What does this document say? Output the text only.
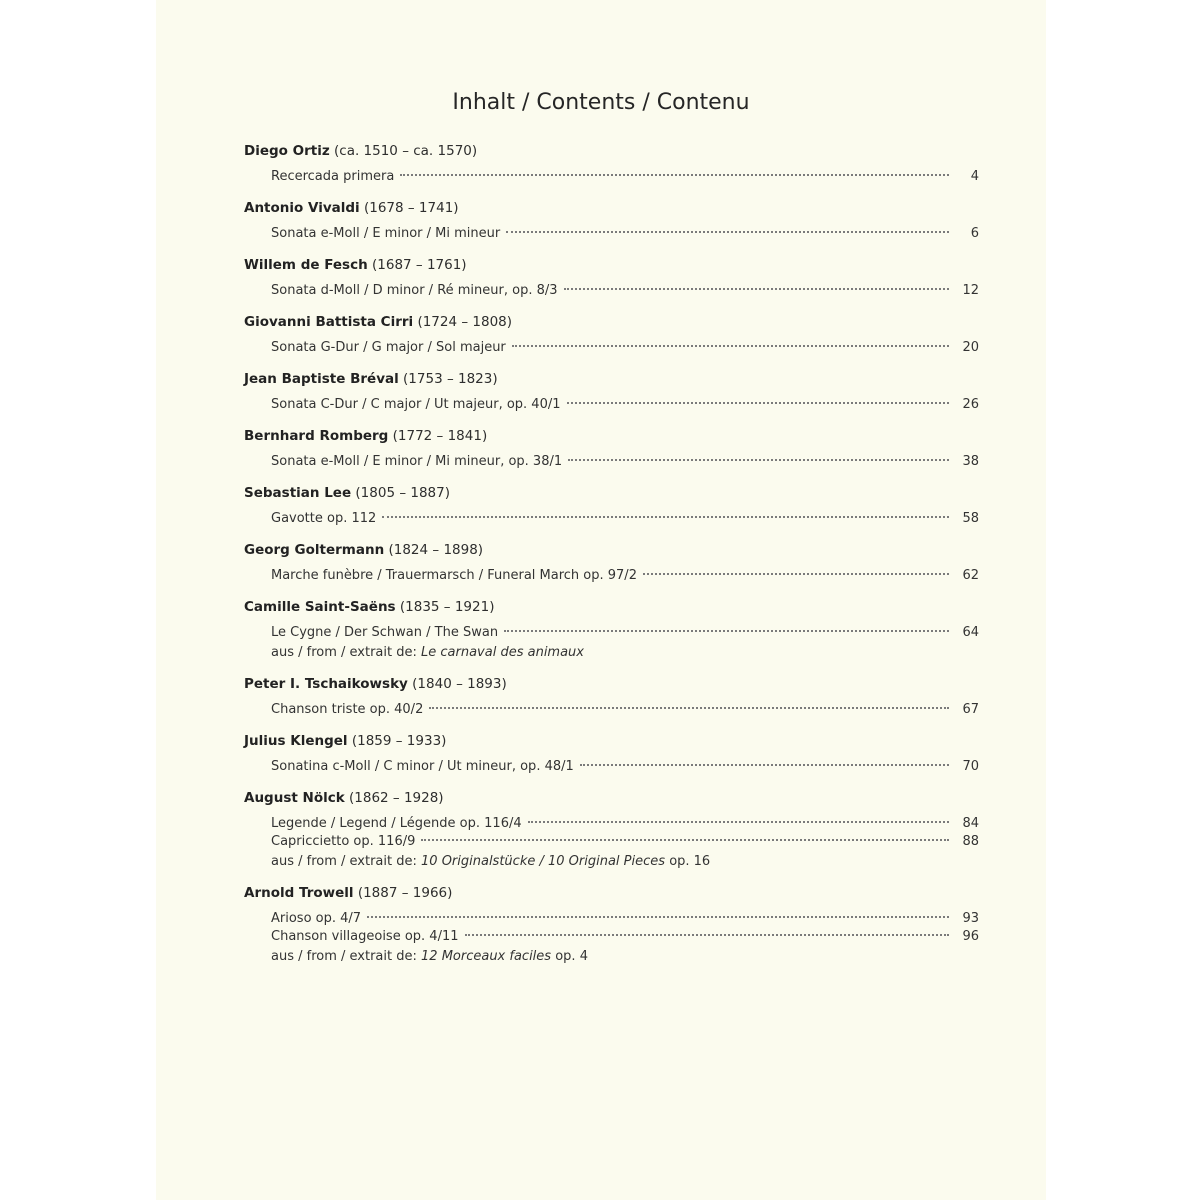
Inhalt / Contents / Contenu
Diego Ortiz (ca. 1510 – ca. 1570)
Recercada primera	4
Antonio Vivaldi (1678 – 1741)
Sonata e-Moll / E minor / Mi mineur	6
Willem de Fesch (1687 – 1761)
Sonata d-Moll / D minor / Ré mineur, op. 8/3	12
Giovanni Battista Cirri (1724 – 1808)
Sonata G-Dur / G major / Sol majeur	20
Jean Baptiste Bréval (1753 – 1823)
Sonata C-Dur / C major / Ut majeur, op. 40/1	26
Bernhard Romberg (1772 – 1841)
Sonata e-Moll / E minor / Mi mineur, op. 38/1	38
Sebastian Lee (1805 – 1887)
Gavotte op. 112	58
Georg Goltermann (1824 – 1898)
Marche funèbre / Trauermarsch / Funeral March op. 97/2	62
Camille Saint-Saëns (1835 – 1921)
Le Cygne / Der Schwan / The Swan	64
aus / from / extrait de: Le carnaval des animaux
Peter I. Tschaikowsky (1840 – 1893)
Chanson triste op. 40/2	67
Julius Klengel (1859 – 1933)
Sonatina c-Moll / C minor / Ut mineur, op. 48/1	70
August Nölck (1862 – 1928)
Legende / Legend / Légende op. 116/4	84
Capriccietto op. 116/9	88
aus / from / extrait de: 10 Originalstücke / 10 Original Pieces op. 16
Arnold Trowell (1887 – 1966)
Arioso op. 4/7	93
Chanson villageoise op. 4/11	96
aus / from / extrait de: 12 Morceaux faciles op. 4
